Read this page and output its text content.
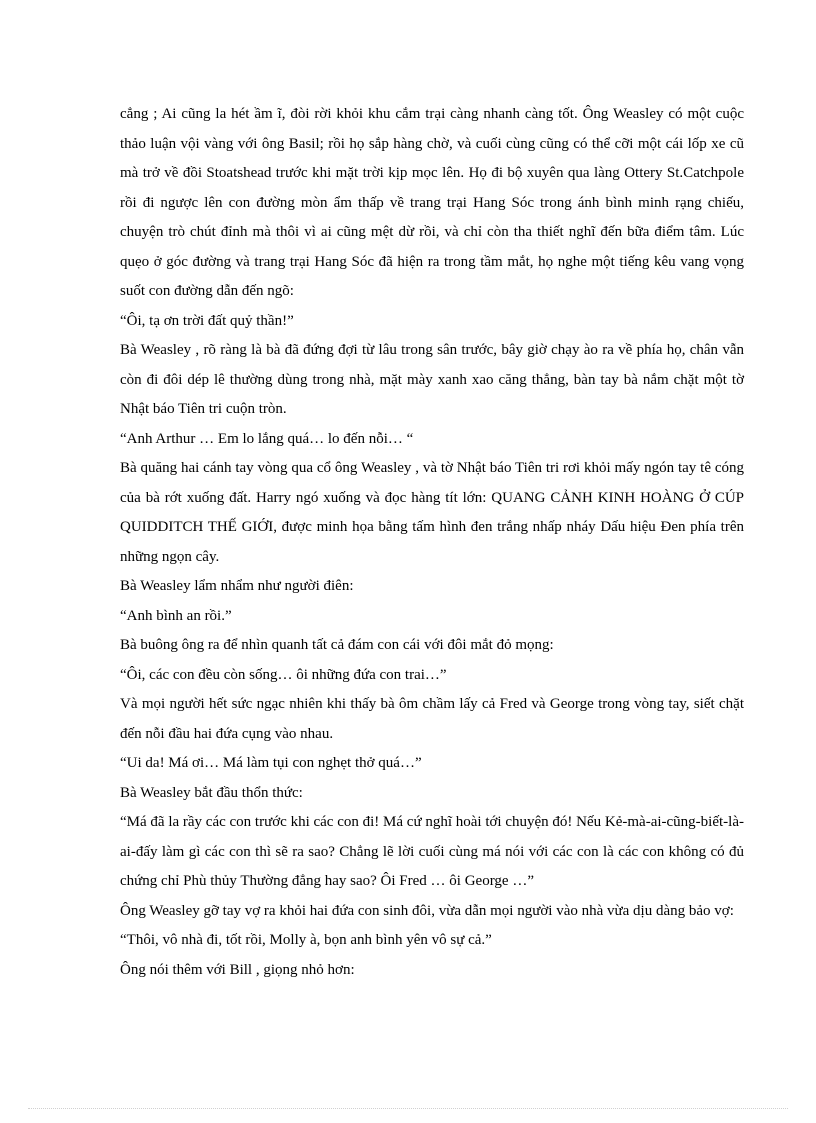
cẳng ; Ai cũng la hét ầm ĩ, đòi rời khỏi khu cắm trại càng nhanh càng tốt. Ông Weasley có một cuộc thảo luận vội vàng với ông Basil; rồi họ sắp hàng chờ, và cuối cùng cũng có thể cỡi một cái lốp xe cũ mà trở về đồi Stoatshead trước khi mặt trời kịp mọc lên. Họ đi bộ xuyên qua làng Ottery St.Catchpole rồi đi ngược lên con đường mòn ẩm thấp về trang trại Hang Sóc trong ánh bình minh rạng chiếu, chuyện trò chút đỉnh mà thôi vì ai cũng mệt dừ rồi, và chỉ còn tha thiết nghĩ đến bữa điểm tâm. Lúc quẹo ở góc đường và trang trại Hang Sóc đã hiện ra trong tầm mắt, họ nghe một tiếng kêu vang vọng suốt con đường dẫn đến ngõ:

“Ôi, tạ ơn trời đất quỷ thần!”

Bà Weasley , rõ ràng là bà đã đứng đợi từ lâu trong sân trước, bây giờ chạy ào ra về phía họ, chân vẫn còn đi đôi dép lê thường dùng trong nhà, mặt mày xanh xao căng thẳng, bàn tay bà nắm chặt một tờ Nhật báo Tiên tri cuộn tròn.

“Anh Arthur … Em lo lắng quá… lo đến nỗi… “

Bà quăng hai cánh tay vòng qua cổ ông Weasley , và tờ Nhật báo Tiên tri rơi khỏi mấy ngón tay tê cóng của bà rớt xuống đất. Harry ngó xuống và đọc hàng tít lớn: QUANG CẢNH KINH HOÀNG Ở CÚP QUIDDITCH THẾ GIỚI, được minh họa bằng tấm hình đen trắng nhấp nháy Dấu hiệu Đen phía trên những ngọn cây.

Bà Weasley lẩm nhẩm như người điên:

“Anh bình an rồi.”

Bà buông ông ra để nhìn quanh tất cả đám con cái với đôi mắt đỏ mọng:

“Ôi, các con đều còn sống… ôi những đứa con trai…”

Và mọi người hết sức ngạc nhiên khi thấy bà ôm chầm lấy cả Fred và George trong vòng tay, siết chặt đến nỗi đầu hai đứa cụng vào nhau.

“Ui da! Má ơi… Má làm tụi con nghẹt thở quá…”

Bà Weasley bắt đầu thổn thức:

“Má đã la rầy các con trước khi các con đi! Má cứ nghĩ hoài tới chuyện đó! Nếu Kẻ-mà-ai-cũng-biết-là-ai-đấy làm gì các con thì sẽ ra sao? Chẳng lẽ lời cuối cùng má nói với các con là các con không có đủ chứng chỉ Phù thủy Thường đẳng hay sao? Ôi Fred … ôi George …”

Ông Weasley gỡ tay vợ ra khỏi hai đứa con sinh đôi, vừa dẫn mọi người vào nhà vừa dịu dàng bảo vợ:

“Thôi, vô nhà đi, tốt rồi, Molly à, bọn anh bình yên vô sự cả.”

Ông nói thêm với Bill , giọng nhỏ hơn:
